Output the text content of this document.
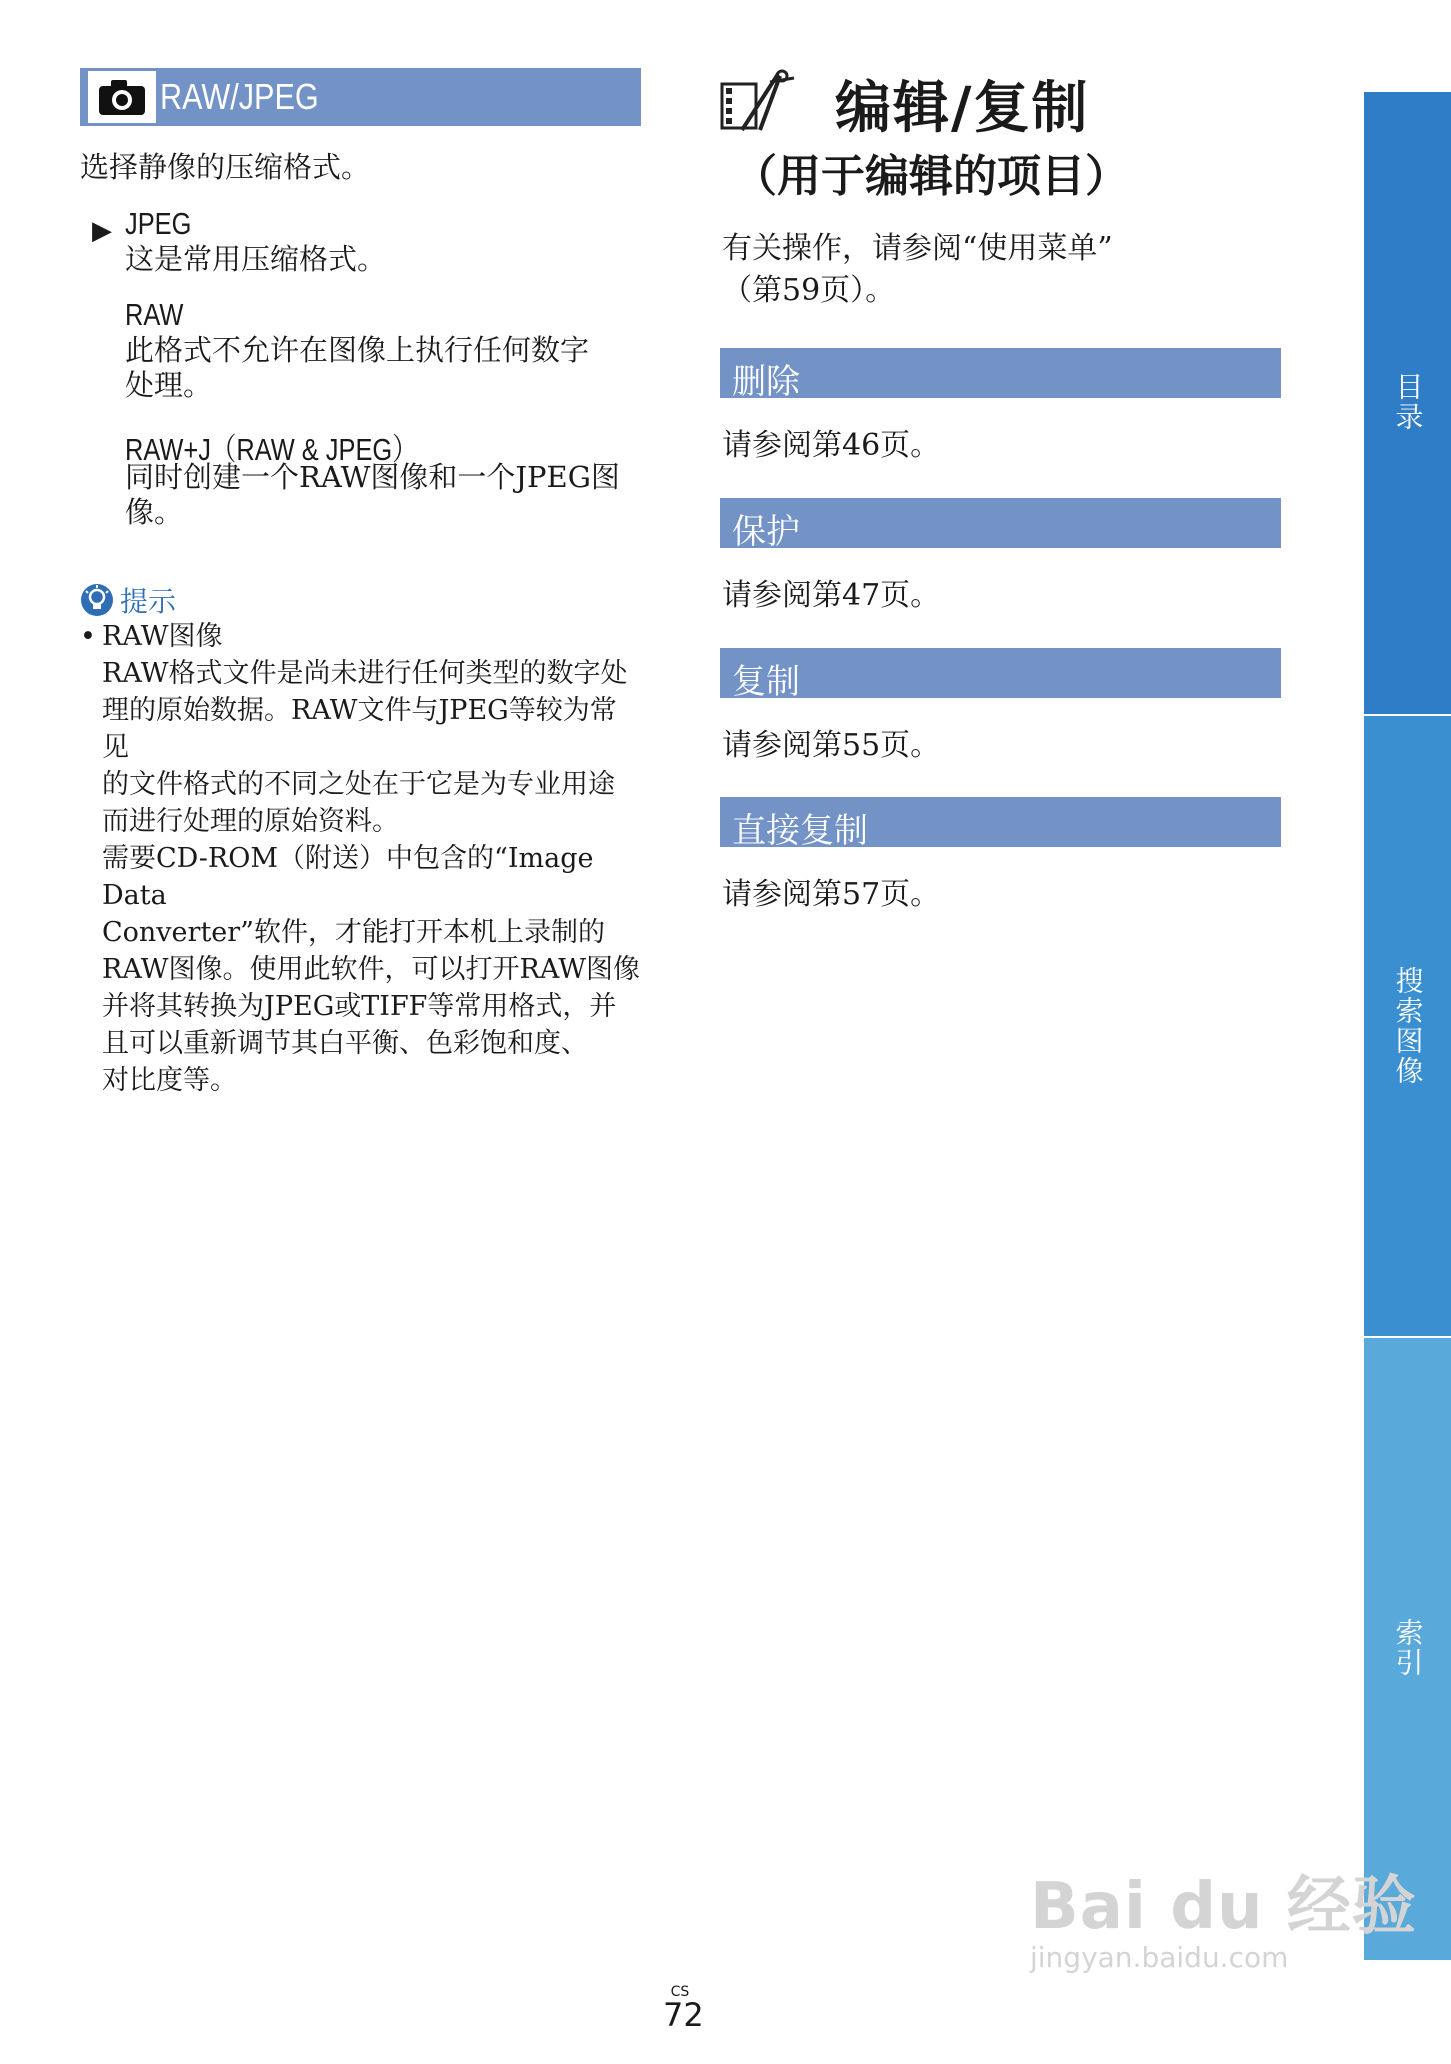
RAW/JPEG
选择静像的压缩格式。
▶ JPEG
这是常用压缩格式。
RAW
此格式不允许在图像上执行任何数字
处理。
RAW+J（RAW & JPEG）
同时创建一个RAW图像和一个JPEG图
像。
提示
• RAW图像
RAW格式文件是尚未进行任何类型的数字处
理的原始数据。RAW文件与JPEG等较为常见
的文件格式的不同之处在于它是为专业用途
而进行处理的原始资料。
需要CD-ROM（附送）中包含的“Image Data
Converter”软件，才能打开本机上录制的
RAW图像。使用此软件，可以打开RAW图像
并将其转换为JPEG或TIFF等常用格式，并
且可以重新调节其白平衡、色彩饱和度、
对比度等。
编辑/复制
（用于编辑的项目）
有关操作，请参阅“使用菜单”
（第59页）。
删除
请参阅第46页。
保护
请参阅第47页。
复制
请参阅第55页。
直接复制
请参阅第57页。
目录
搜索图像
索引
CS
72
Bai du 经验
jingyan.baidu.com
